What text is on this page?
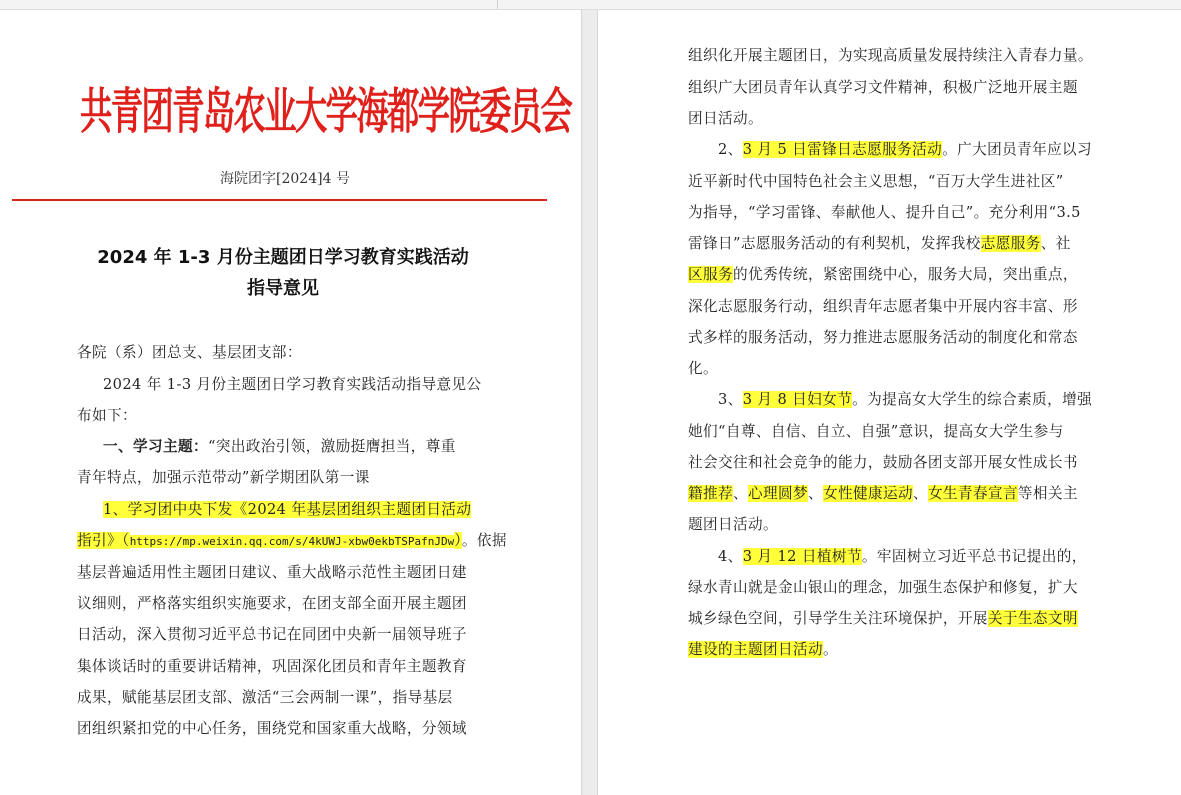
共青团青岛农业大学海都学院委员会
海院团字[2024]4 号
2024 年 1-3 月份主题团日学习教育实践活动
指导意见
各院（系）团总支、基层团支部：
2024 年 1-3 月份主题团日学习教育实践活动指导意见公
布如下：
一、学习主题：“突出政治引领，激励挺膺担当，尊重
青年特点，加强示范带动”新学期团队第一课
1、学习团中央下发《2024 年基层团组织主题团日活动
指引》（https://mp.weixin.qq.com/s/4kUWJ-xbw0ekbTSPafnJDw）。依据
基层普遍适用性主题团日建议、重大战略示范性主题团日建
议细则，严格落实组织实施要求，在团支部全面开展主题团
日活动，深入贯彻习近平总书记在同团中央新一届领导班子
集体谈话时的重要讲话精神，巩固深化团员和青年主题教育
成果，赋能基层团支部、激活“三会两制一课”，指导基层
团组织紧扣党的中心任务，围绕党和国家重大战略，分领域
组织化开展主题团日，为实现高质量发展持续注入青春力量。
组织广大团员青年认真学习文件精神，积极广泛地开展主题
团日活动。
2、3 月 5 日雷锋日志愿服务活动。广大团员青年应以习
近平新时代中国特色社会主义思想，“百万大学生进社区”
为指导，“学习雷锋、奉献他人、提升自己”。充分利用“3.5
雷锋日”志愿服务活动的有利契机，发挥我校志愿服务、社
区服务的优秀传统，紧密围绕中心，服务大局，突出重点，
深化志愿服务行动，组织青年志愿者集中开展内容丰富、形
式多样的服务活动，努力推进志愿服务活动的制度化和常态
化。
3、3 月 8 日妇女节。为提高女大学生的综合素质，增强
她们“自尊、自信、自立、自强”意识，提高女大学生参与
社会交往和社会竞争的能力，鼓励各团支部开展女性成长书
籍推荐、心理圆梦、女性健康运动、女生青春宣言等相关主
题团日活动。
4、3 月 12 日植树节。牢固树立习近平总书记提出的，
绿水青山就是金山银山的理念，加强生态保护和修复，扩大
城乡绿色空间，引导学生关注环境保护，开展关于生态文明
建设的主题团日活动。
